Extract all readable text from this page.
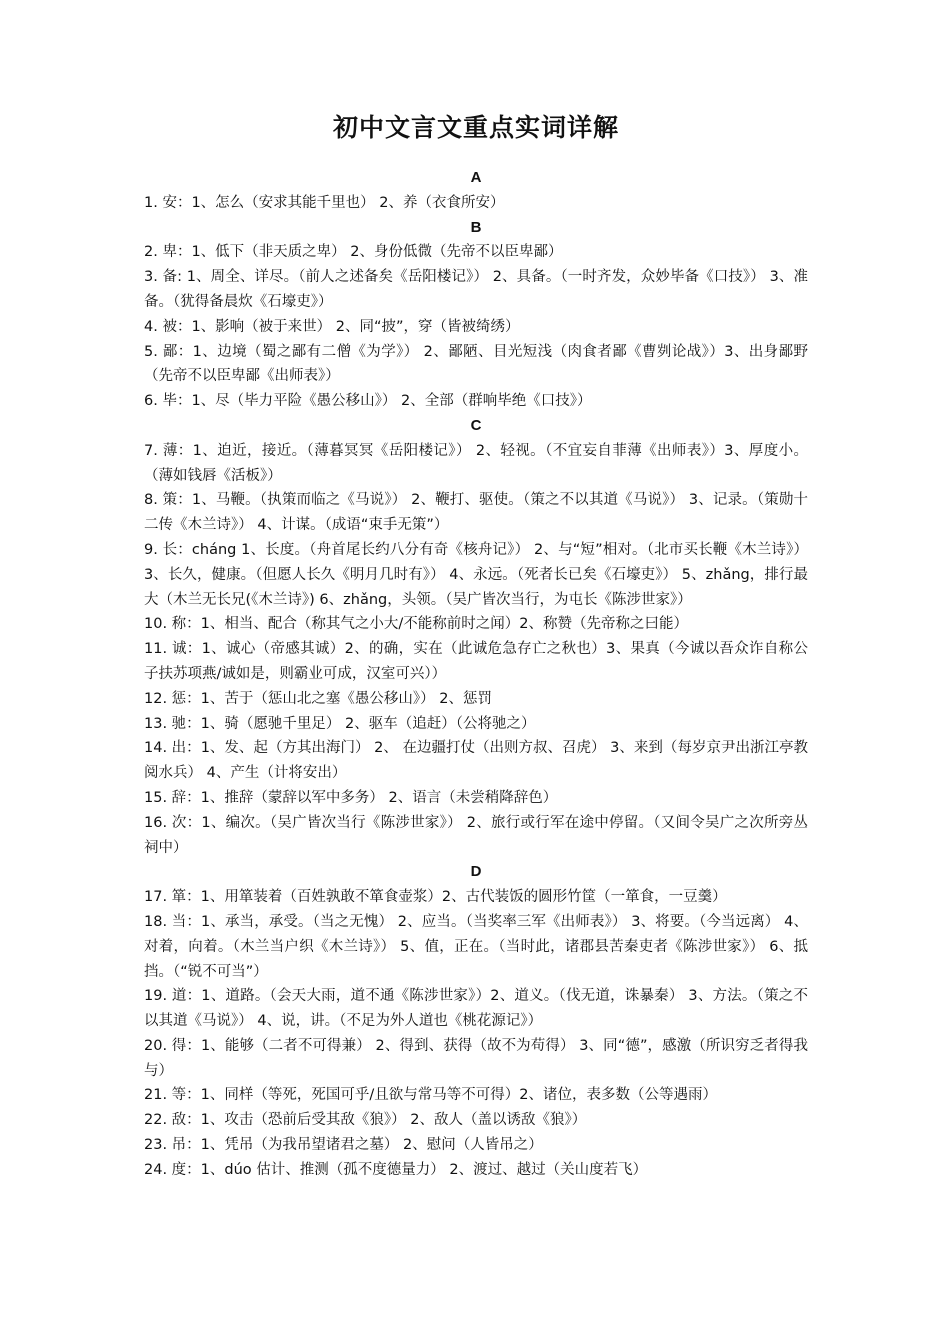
初中文言文重点实词详解
A
1. 安：1、怎么（安求其能千里也） 2、养（衣食所安）
B
2. 卑：1、低下（非天质之卑） 2、身份低微（先帝不以臣卑鄙）
3. 备: 1、周全、详尽。（前人之述备矣《岳阳楼记》） 2、具备。（一时齐发，众妙毕备《口技》） 3、准备。（犹得备晨炊《石壕吏》）
4. 被：1、影响（被于来世） 2、同“披”，穿（皆被绮绣）
5. 鄙：1、边境（蜀之鄙有二僧《为学》） 2、鄙陋、目光短浅（肉食者鄙《曹刿论战》）3、出身鄙野（先帝不以臣卑鄙《出师表》）
6. 毕：1、尽（毕力平险《愚公移山》） 2、全部（群响毕绝《口技》）
C
7. 薄：1、迫近，接近。（薄暮冥冥《岳阳楼记》） 2、轻视。（不宜妄自菲薄《出师表》）3、厚度小。（薄如钱唇《活板》）
8. 策：1、马鞭。（执策而临之《马说》） 2、鞭打、驱使。（策之不以其道《马说》） 3、记录。（策勋十二传《木兰诗》） 4、计谋。（成语“束手无策”）
9. 长：cháng 1、长度。（舟首尾长约八分有奇《核舟记》） 2、与“短”相对。（北市买长鞭《木兰诗》） 3、长久，健康。（但愿人长久《明月几时有》） 4、永远。（死者长已矣《石壕吏》） 5、zhǎng，排行最大（木兰无长兄(《木兰诗》) 6、zhǎng，头领。（吴广皆次当行，为屯长《陈涉世家》）
10. 称：1、相当、配合（称其气之小大/不能称前时之闻）2、称赞（先帝称之曰能）
11. 诚：1、诚心（帝感其诚）2、的确，实在（此诚危急存亡之秋也）3、果真（今诚以吾众诈自称公子扶苏项燕/诚如是，则霸业可成，汉室可兴））
12. 惩：1、苦于（惩山北之塞《愚公移山》） 2、惩罚
13. 驰：1、骑（愿驰千里足） 2、驱车（追赶）（公将驰之）
14. 出：1、发、起（方其出海门） 2、 在边疆打仗（出则方叔、召虎） 3、来到（每岁京尹出浙江亭教阅水兵） 4、产生（计将安出）
15. 辞：1、推辞（蒙辞以军中多务） 2、语言（未尝稍降辞色）
16. 次：1、编次。（吴广皆次当行《陈涉世家》） 2、旅行或行军在途中停留。（又间令吴广之次所旁丛祠中）
D
17. 箪：1、用箪装着（百姓孰敢不箪食壶浆）2、古代装饭的圆形竹筐（一箪食，一豆羹）
18. 当：1、承当，承受。（当之无愧） 2、应当。（当奖率三军《出师表》） 3、将要。（今当远离） 4、对着，向着。（木兰当户织《木兰诗》） 5、值，正在。（当时此，诸郡县苦秦吏者《陈涉世家》） 6、抵挡。（“锐不可当”）
19. 道：1、道路。（会天大雨，道不通《陈涉世家》）2、道义。（伐无道，诛暴秦） 3、方法。（策之不以其道《马说》） 4、说，讲。（不足为外人道也《桃花源记》）
20. 得：1、能够（二者不可得兼） 2、得到、获得（故不为苟得） 3、同“德”，感激（所识穷乏者得我与）
21. 等：1、同样（等死，死国可乎/且欲与常马等不可得）2、诸位，表多数（公等遇雨）
22. 敌：1、攻击（恐前后受其敌《狼》） 2、敌人（盖以诱敌《狼》）
23. 吊：1、凭吊（为我吊望诸君之墓） 2、慰问（人皆吊之）
24. 度：1、dúo 估计、推测（孤不度德量力） 2、渡过、越过（关山度若飞）
